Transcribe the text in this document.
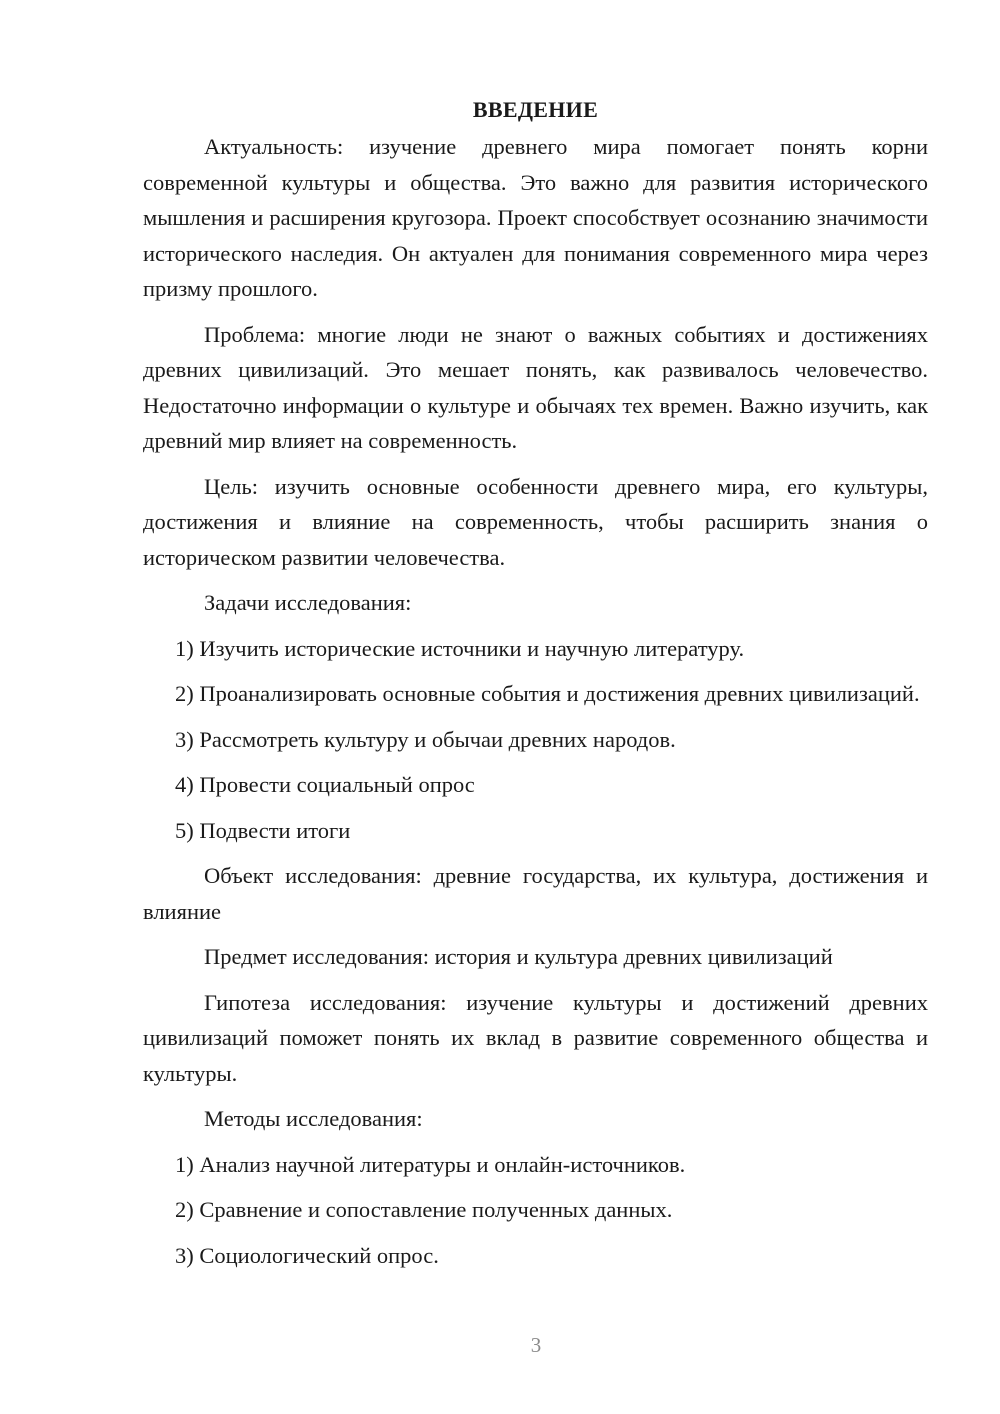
ВВЕДЕНИЕ

Актуальность: изучение древнего мира помогает понять корни современной культуры и общества. Это важно для развития исторического мышления и расширения кругозора. Проект способствует осознанию значимости исторического наследия. Он актуален для понимания современного мира через призму прошлого.

Проблема: многие люди не знают о важных событиях и достижениях древних цивилизаций. Это мешает понять, как развивалось человечество. Недостаточно информации о культуре и обычаях тех времен. Важно изучить, как древний мир влияет на современность.

Цель: изучить основные особенности древнего мира, его культуры, достижения и влияние на современность, чтобы расширить знания о историческом развитии человечества.

Задачи исследования:

1) Изучить исторические источники и научную литературу.

2) Проанализировать основные события и достижения древних цивилизаций.

3) Рассмотреть культуру и обычаи древних народов.

4) Провести социальный опрос

5) Подвести итоги

Объект исследования: древние государства, их культура, достижения и влияние

Предмет исследования: история и культура древних цивилизаций

Гипотеза исследования: изучение культуры и достижений древних цивилизаций поможет понять их вклад в развитие современного общества и культуры.

Методы исследования:

1) Анализ научной литературы и онлайн-источников.

2) Сравнение и сопоставление полученных данных.

3) Социологический опрос.

3
